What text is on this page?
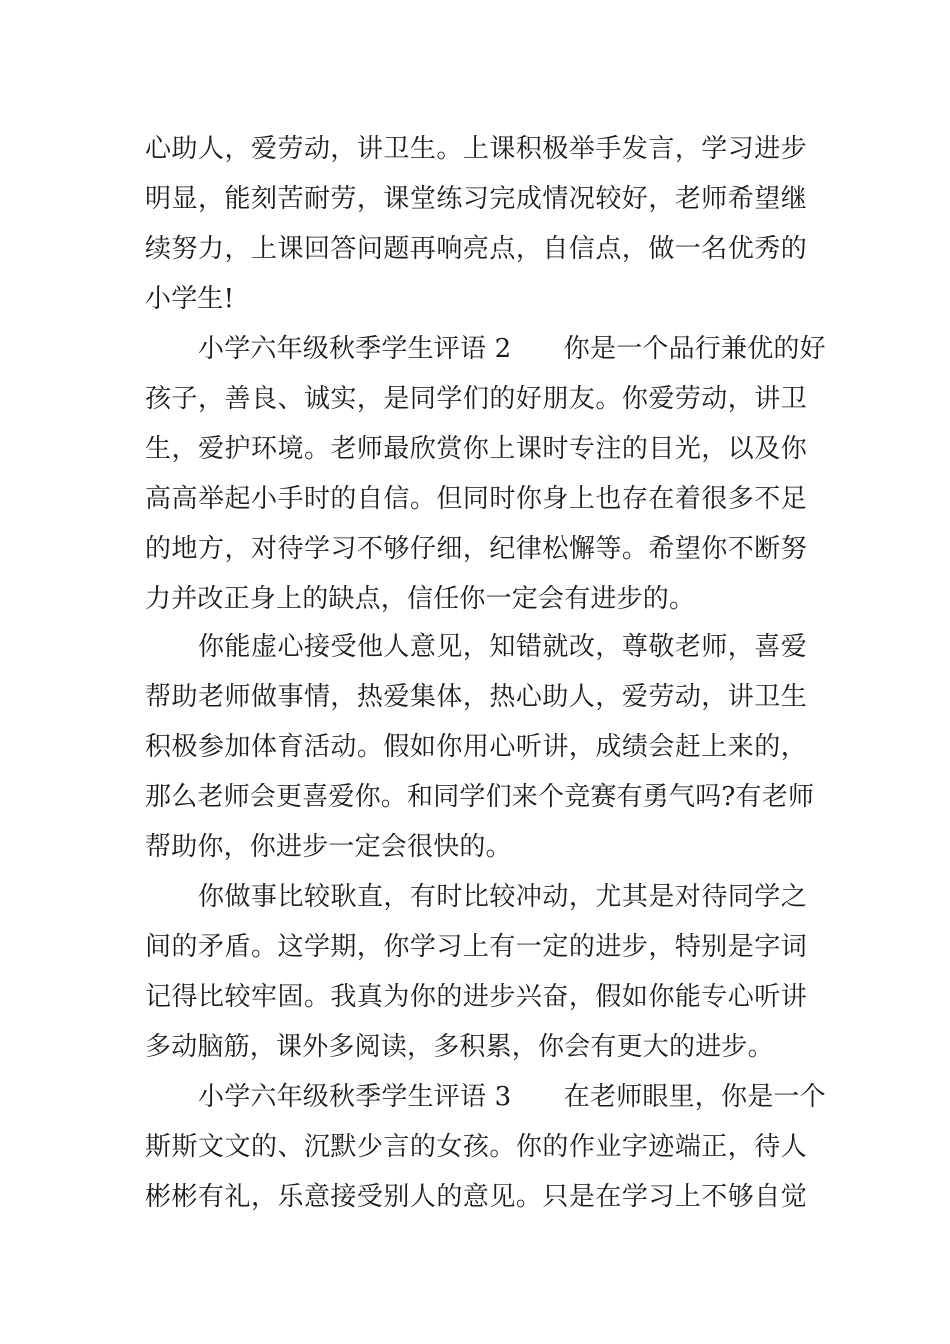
心助人，爱劳动，讲卫生。上课积极举手发言，学习进步
明显，能刻苦耐劳，课堂练习完成情况较好，老师希望继
续努力，上课回答问题再响亮点，自信点，做一名优秀的
小学生!
小学六年级秋季学生评语 2　　你是一个品行兼优的好
孩子，善良、诚实，是同学们的好朋友。你爱劳动，讲卫
生，爱护环境。老师最欣赏你上课时专注的目光，以及你
高高举起小手时的自信。但同时你身上也存在着很多不足
的地方，对待学习不够仔细，纪律松懈等。希望你不断努
力并改正身上的缺点，信任你一定会有进步的。
你能虚心接受他人意见，知错就改，尊敬老师，喜爱
帮助老师做事情，热爱集体，热心助人，爱劳动，讲卫生
积极参加体育活动。假如你用心听讲，成绩会赶上来的，
那么老师会更喜爱你。和同学们来个竞赛有勇气吗?有老师
帮助你，你进步一定会很快的。
你做事比较耿直，有时比较冲动，尤其是对待同学之
间的矛盾。这学期，你学习上有一定的进步，特别是字词
记得比较牢固。我真为你的进步兴奋，假如你能专心听讲
多动脑筋，课外多阅读，多积累，你会有更大的进步。
小学六年级秋季学生评语 3　　在老师眼里，你是一个
斯斯文文的、沉默少言的女孩。你的作业字迹端正，待人
彬彬有礼，乐意接受别人的意见。只是在学习上不够自觉
